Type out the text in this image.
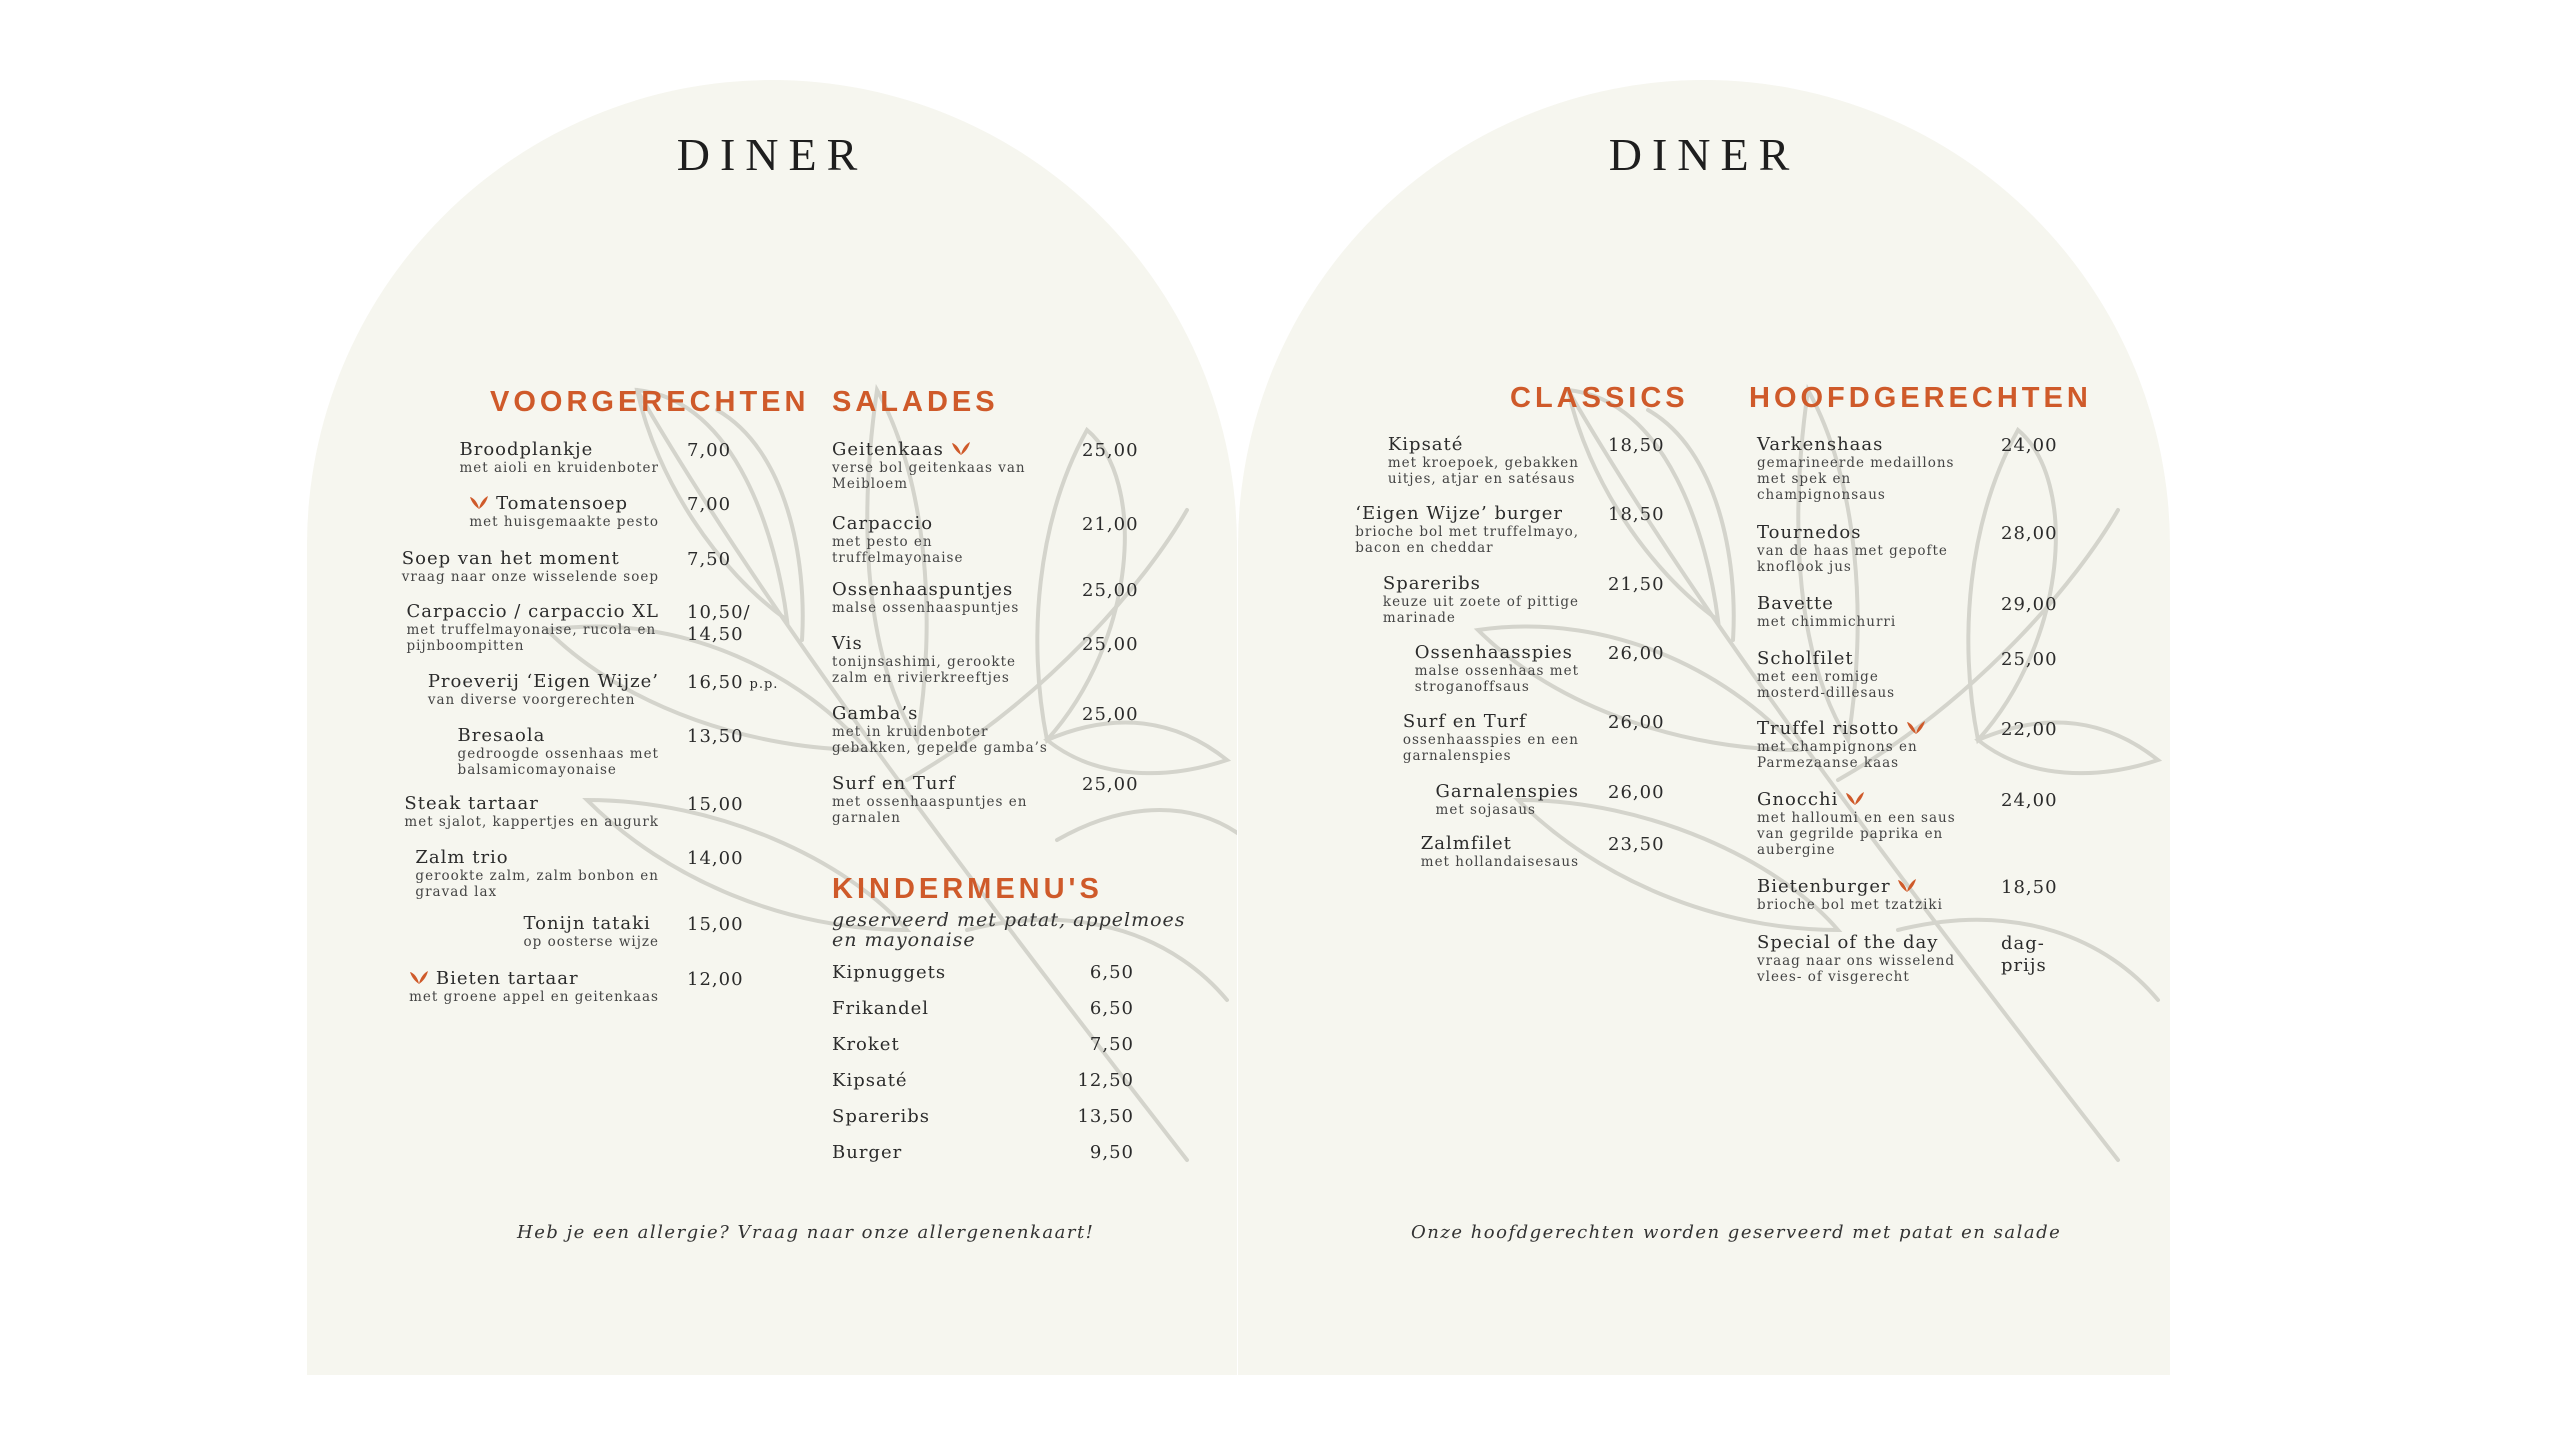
DINER
VOORGERECHTEN SALADES
KINDERMENU'S
geserveerd met patat, appelmoes
en mayonaise
Heb je een allergie? Vraag naar onze allergenenkaart!
Broodplankje
met aioli en kruidenboter
7,00
Tomatensoep
met huisgemaakte pesto
7,00
Soep van het moment
vraag naar onze wisselende soep
7,50
Carpaccio / carpaccio XL
met truffelmayonaise, rucola en
pijnboompitten
10,50/
14,50
Proeverij ‘Eigen Wijze’
van diverse voorgerechten
16,50 p.p.
Bresaola
gedroogde ossenhaas met
balsamicomayonaise
13,50
Steak tartaar
met sjalot, kappertjes en augurk
15,00
Zalm trio
gerookte zalm, zalm bonbon en
gravad lax
14,00
Tonijn tataki
op oosterse wijze
15,00
Bieten tartaar
met groene appel en geitenkaas
12,00
Geitenkaas
verse bol geitenkaas van
Meibloem
25,00
Carpaccio
met pesto en
truffelmayonaise
21,00
Ossenhaaspuntjes
malse ossenhaaspuntjes
25,00
Vis
tonijnsashimi, gerookte
zalm en rivierkreeftjes
25,00
Gamba’s
met in kruidenboter
gebakken, gepelde gamba’s
25,00
Surf en Turf
met ossenhaaspuntjes en
garnalen
25,00
Kipnuggets	6,50
Frikandel	6,50
Kroket	7,50
Kipsaté	12,50
Spareribs	13,50
Burger	9,50
DINER
CLASSICS HOOFDGERECHTEN
Onze hoofdgerechten worden geserveerd met patat en salade
Kipsaté
met kroepoek, gebakken
uitjes, atjar en satésaus
18,50
‘Eigen Wijze’ burger
brioche bol met truffelmayo,
bacon en cheddar
18,50
Spareribs
keuze uit zoete of pittige
marinade
21,50
Ossenhaasspies
malse ossenhaas met
stroganoffsaus
26,00
Surf en Turf
ossenhaasspies en een
garnalenspies
26,00
Garnalenspies
met sojasaus
26,00
Zalmfilet
met hollandaisesaus
23,50
Varkenshaas
gemarineerde medaillons
met spek en
champignonsaus
24,00
Tournedos
van de haas met gepofte
knoflook jus
28,00
Bavette
met chimmichurri
29,00
Scholfilet
met een romige
mosterd-dillesaus
25,00
Truffel risotto
met champignons en
Parmezaanse kaas
22,00
Gnocchi
met halloumi en een saus
van gegrilde paprika en
aubergine
24,00
Bietenburger
brioche bol met tzatziki
18,50
Special of the day
vraag naar ons wisselend
vlees- of visgerecht
dag-
prijs
